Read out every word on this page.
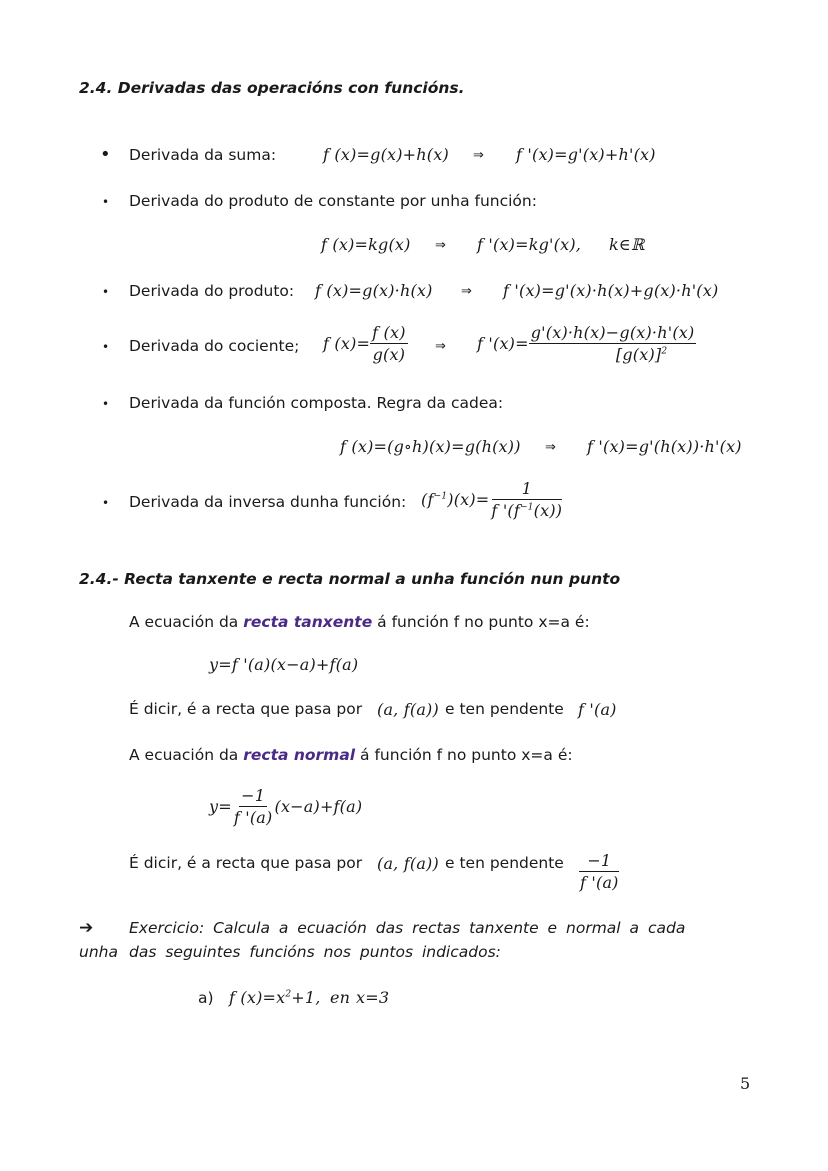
2.4. Derivadas das operacións con funcións.
• Derivada da suma:	f (x)=g(x)+h(x) ⇒ f '(x)=g'(x)+h'(x)
• Derivada do produto de constante por unha función:
f (x)=kg(x) ⇒ f '(x)=kg'(x), k∈ℝ
• Derivada do produto: f (x)=g(x)·h(x) ⇒ f '(x)=g'(x)·h(x)+g(x)·h'(x)
• Derivada do cociente; f $(x)= \frac{f (x)}{g(x)}$ ⇒ f '$(x)= \frac{g'(x)\cdot h(x)-g(x)\cdot h'(x)}{[g(x)]^2}$
• Derivada da función composta. Regra da cadea:
f (x)=(g∘h)(x)=g(h(x)) ⇒ f '(x)=g'(h(x))·h'(x)
• Derivada da inversa dunha función: $(f^{-1})(x)= \frac{1}{f '(f^{-1}(x))}$
2.4.- Recta tanxente e recta normal a unha función nun punto
A ecuación da recta tanxente á función f no punto x=a é:
y=f '(a)(x−a)+f(a)
É dicir, é a recta que pasa por (a, f(a)) e ten pendente f '(a)
A ecuación da recta normal á función f no punto x=a é:
$y= \frac{-1}{f '(a)} (x-a)+f(a)$
É dicir, é a recta que pasa por (a, f(a)) e ten pendente $\frac{-1}{f '(a)}$
➔ Exercicio: Calcula a ecuación das rectas tanxente e normal a cada
unha das seguintes funcións nos puntos indicados:
a) f $(x)=x^2+1$, en x=3
5
